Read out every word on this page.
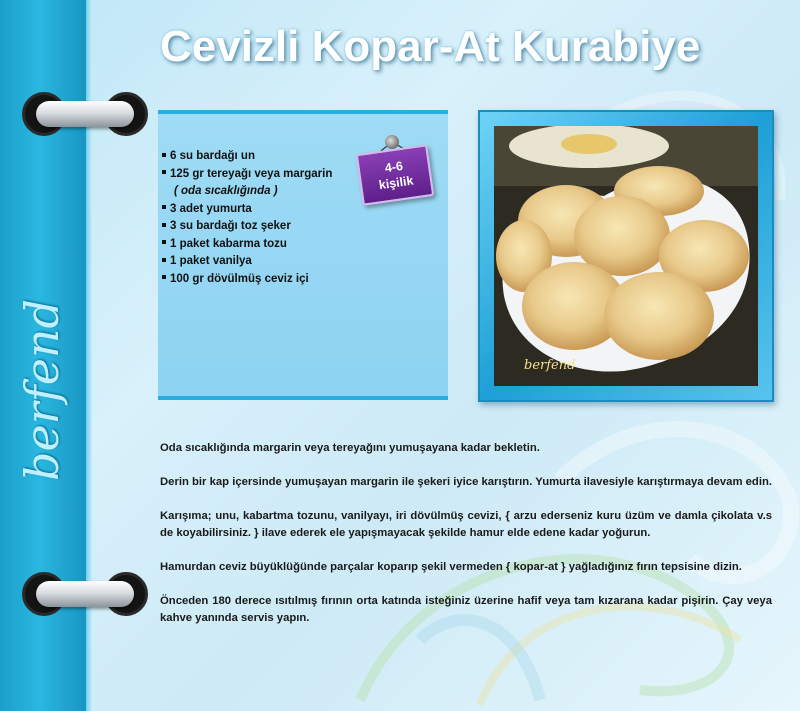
berfend
Cevizli Kopar-At Kurabiye
6 su bardağı un
125 gr tereyağı veya margarin
( oda sıcaklığında )
3 adet yumurta
3 su bardağı toz şeker
1 paket kabarma tozu
1 paket vanilya
100 gr dövülmüş ceviz içi
4-6
kişilik
berfend

Oda sıcaklığında margarin veya tereyağını yumuşayana kadar bekletin.

Derin bir kap içersinde yumuşayan margarin ile şekeri iyice karıştırın. Yumurta ilavesiyle karıştırmaya devam edin.

Karışıma; unu, kabartma tozunu, vanilyayı, iri dövülmüş cevizi, { arzu ederseniz kuru üzüm ve damla çikolata v.s de koyabilirsiniz. } ilave ederek ele yapışmayacak şekilde hamur elde edene kadar yoğurun.

Hamurdan ceviz büyüklüğünde parçalar koparıp şekil vermeden { kopar-at } yağladığınız fırın tepsisine dizin.

Önceden 180 derece ısıtılmış fırının orta katında isteğiniz üzerine hafif veya tam kızarana kadar pişirin. Çay veya kahve yanında servis yapın.
